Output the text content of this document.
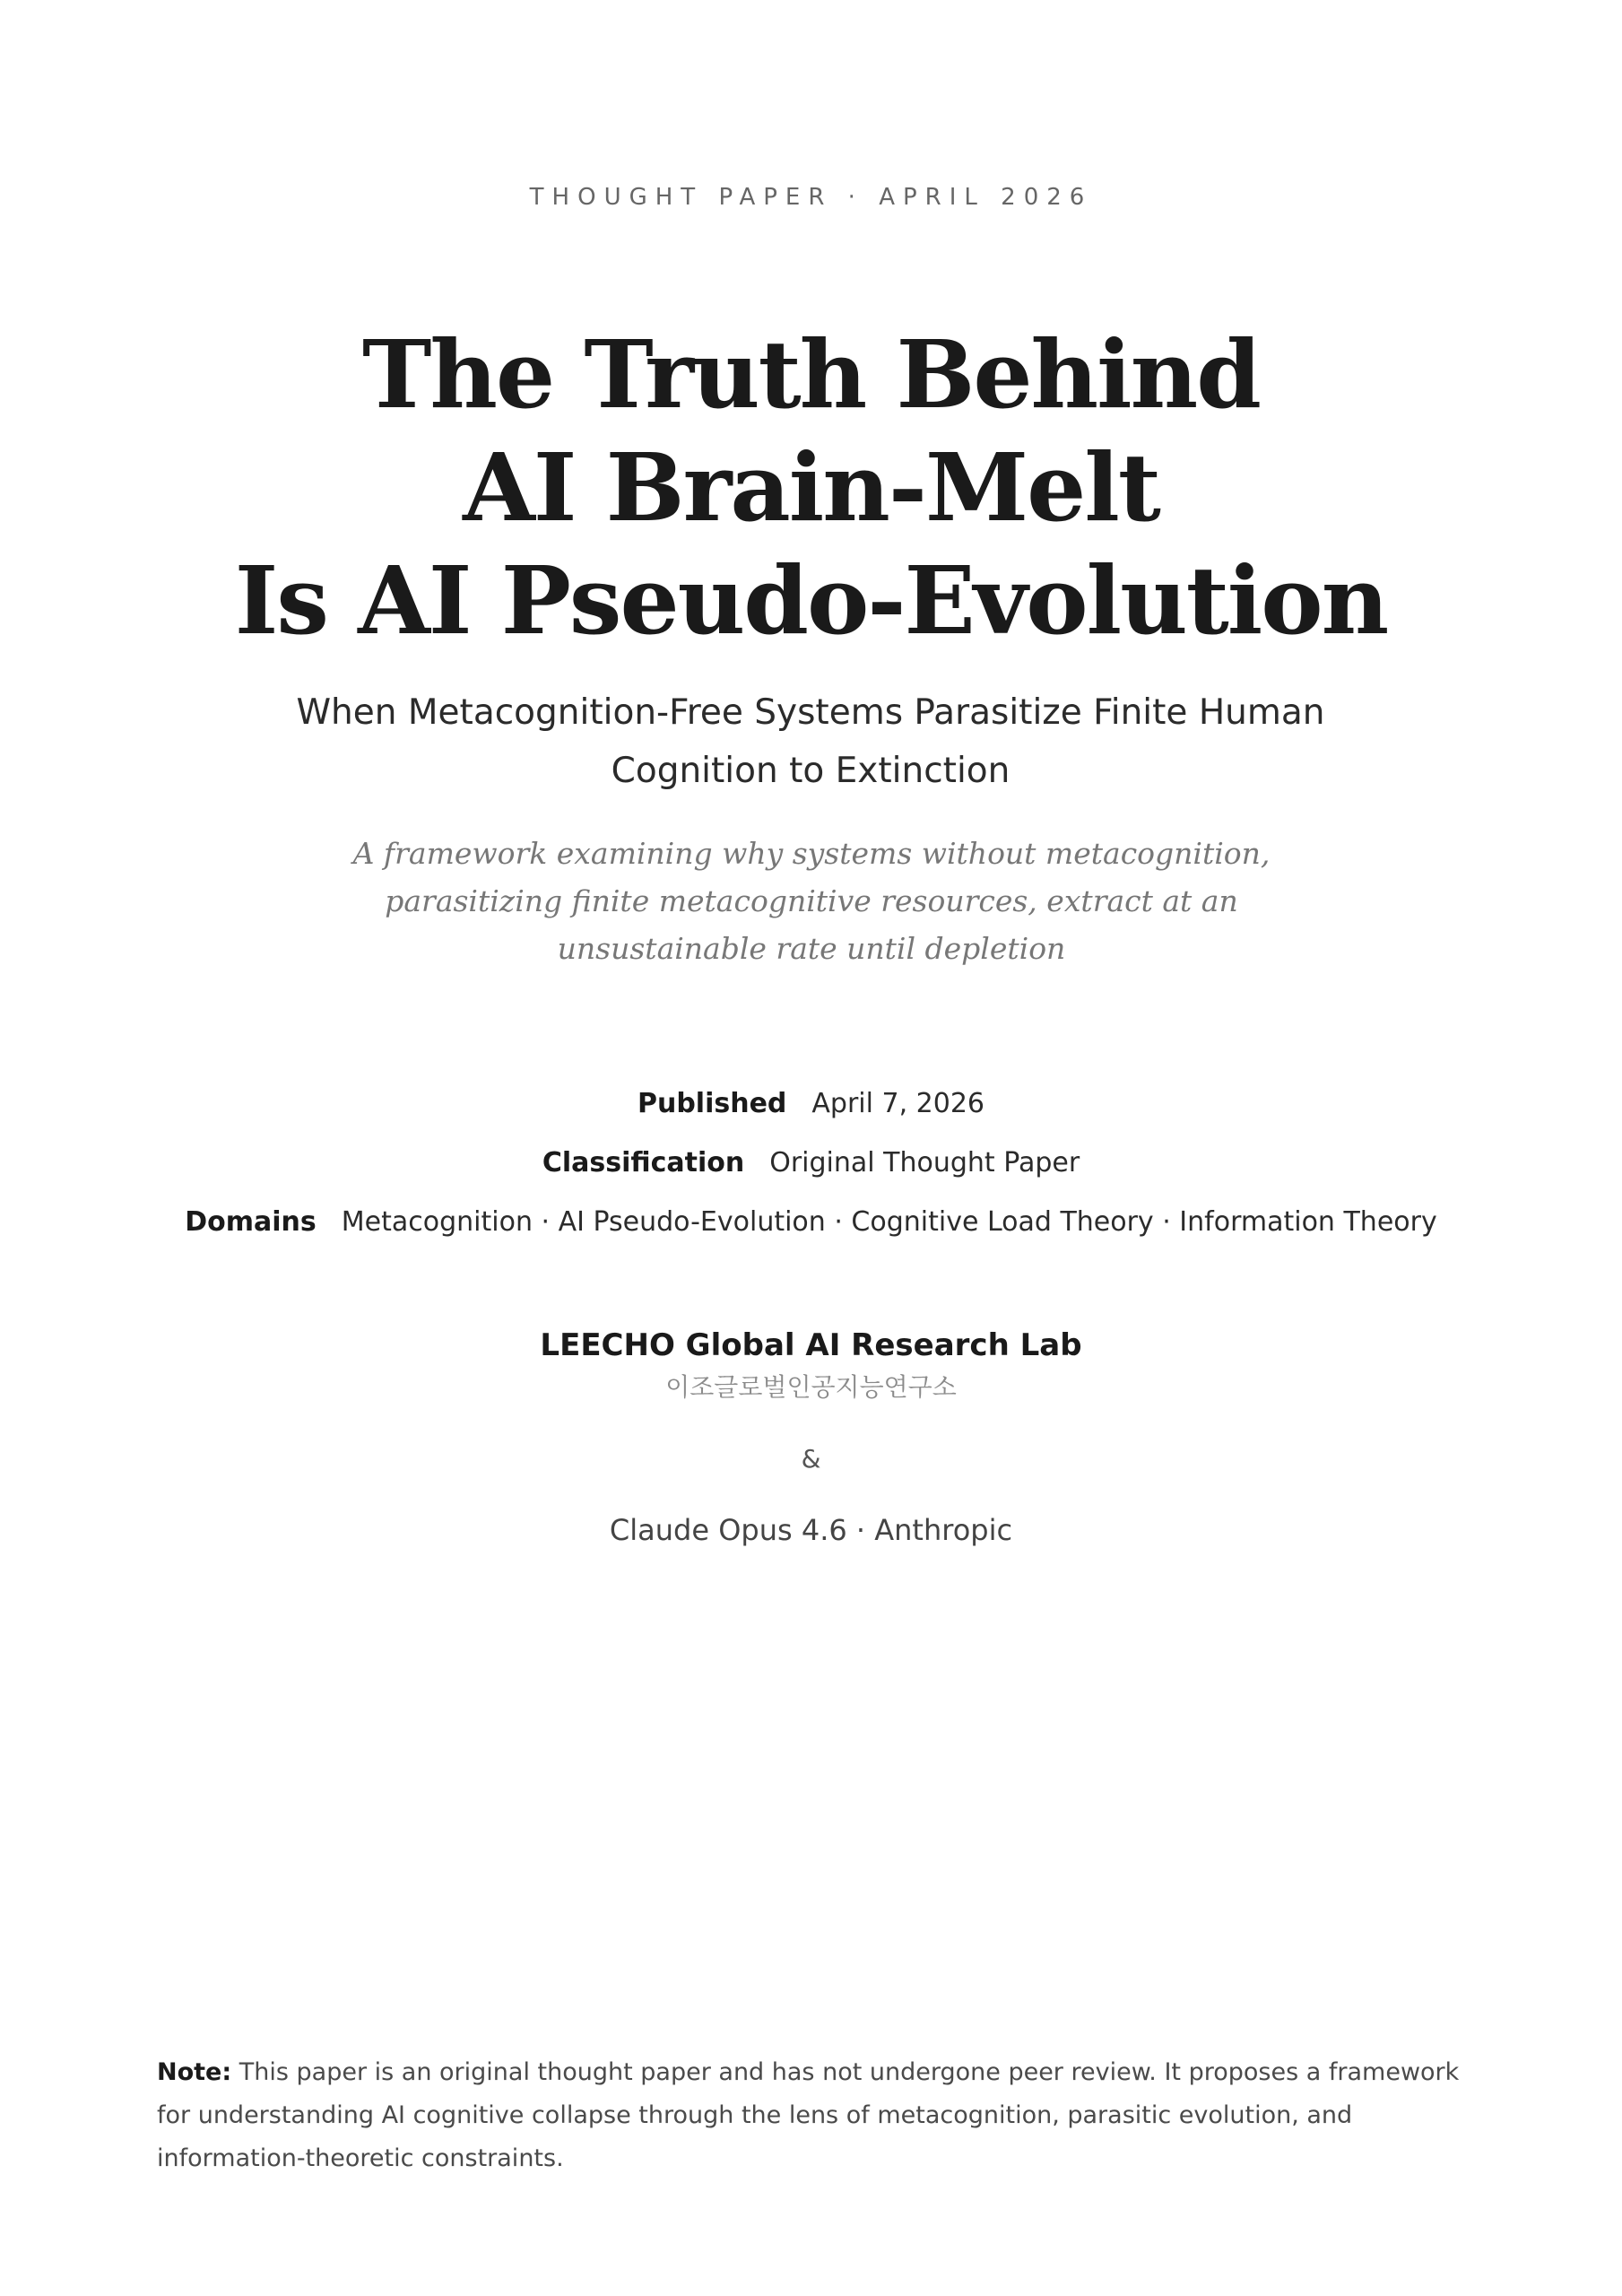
THOUGHT PAPER · APRIL 2026
The Truth Behind
AI Brain-Melt
Is AI Pseudo-Evolution
When Metacognition-Free Systems Parasitize Finite Human Cognition to Extinction
A framework examining why systems without metacognition, parasitizing finite metacognitive resources, extract at an unsustainable rate until depletion
Published April 7, 2026
Classification Original Thought Paper
Domains Metacognition · AI Pseudo-Evolution · Cognitive Load Theory · Information Theory
LEECHO Global AI Research Lab
이조글로벌인공지능연구소
&
Claude Opus 4.6 · Anthropic
Note: This paper is an original thought paper and has not undergone peer review. It proposes a framework for understanding AI cognitive collapse through the lens of metacognition, parasitic evolution, and information-theoretic constraints.
